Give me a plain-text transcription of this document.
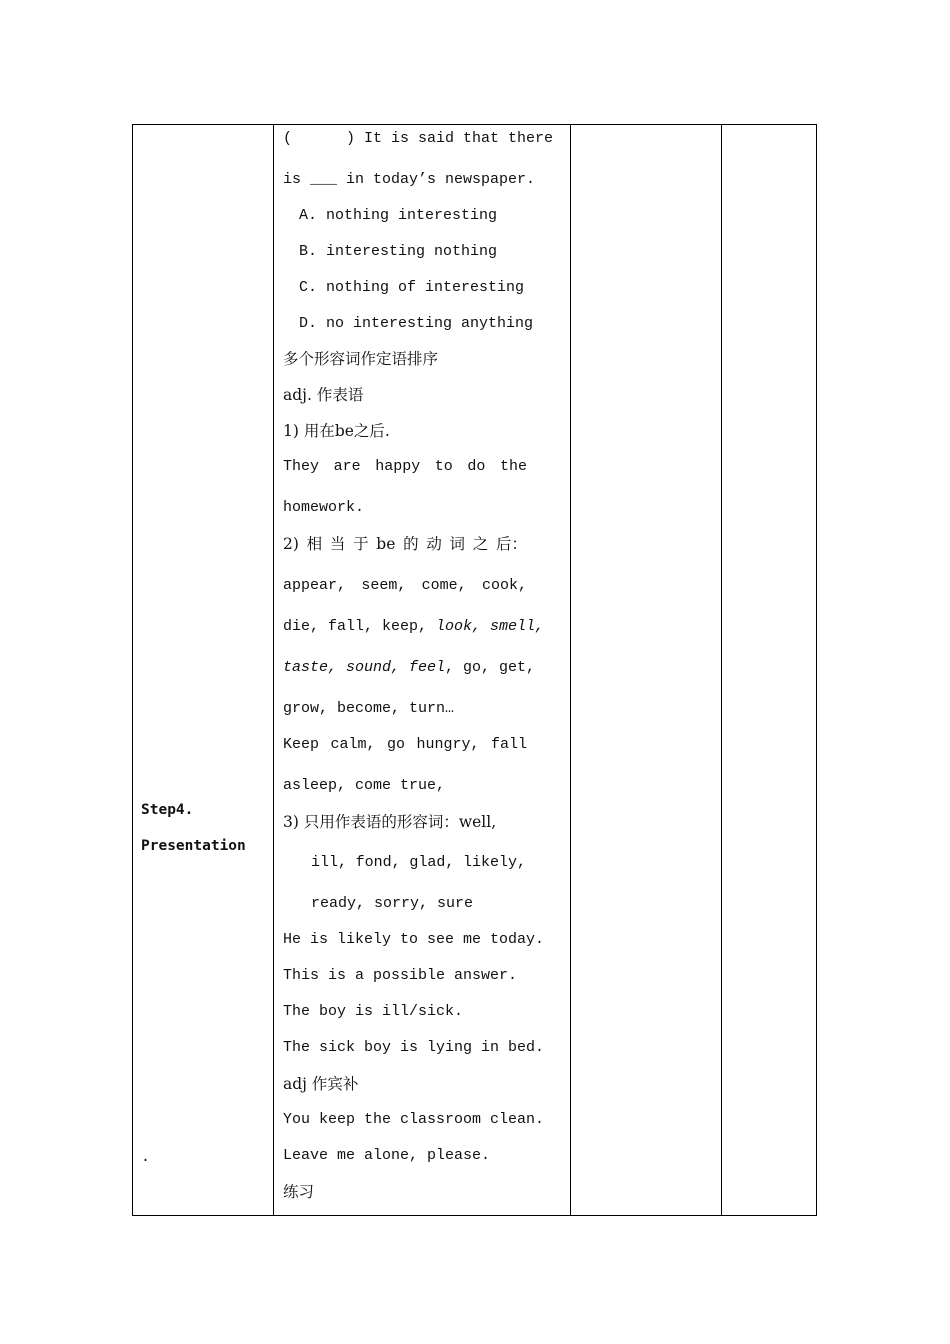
Step4.
Presentation
.
(      ) It is said that there
is ___ in today’s newspaper.
A. nothing interesting
B. interesting nothing
C. nothing of interesting
D. no interesting anything
多个形容词作定语排序
adj. 作表语
1) 用在be之后.
They are happy to do the
homework.
2) 相 当 于 be 的 动 词 之 后：
appear, seem, come, cook,
die, fall, keep, look, smell,
taste, sound, feel, go, get,
grow, become, turn…
Keep calm, go hungry, fall
asleep, come true,
3) 只用作表语的形容词：well,
ill, fond, glad, likely,
ready, sorry, sure
He is likely to see me today.
This is a possible answer.
The boy is ill/sick.
The sick boy is lying in bed.
adj 作宾补
You keep the classroom clean.
Leave me alone, please.
练习
